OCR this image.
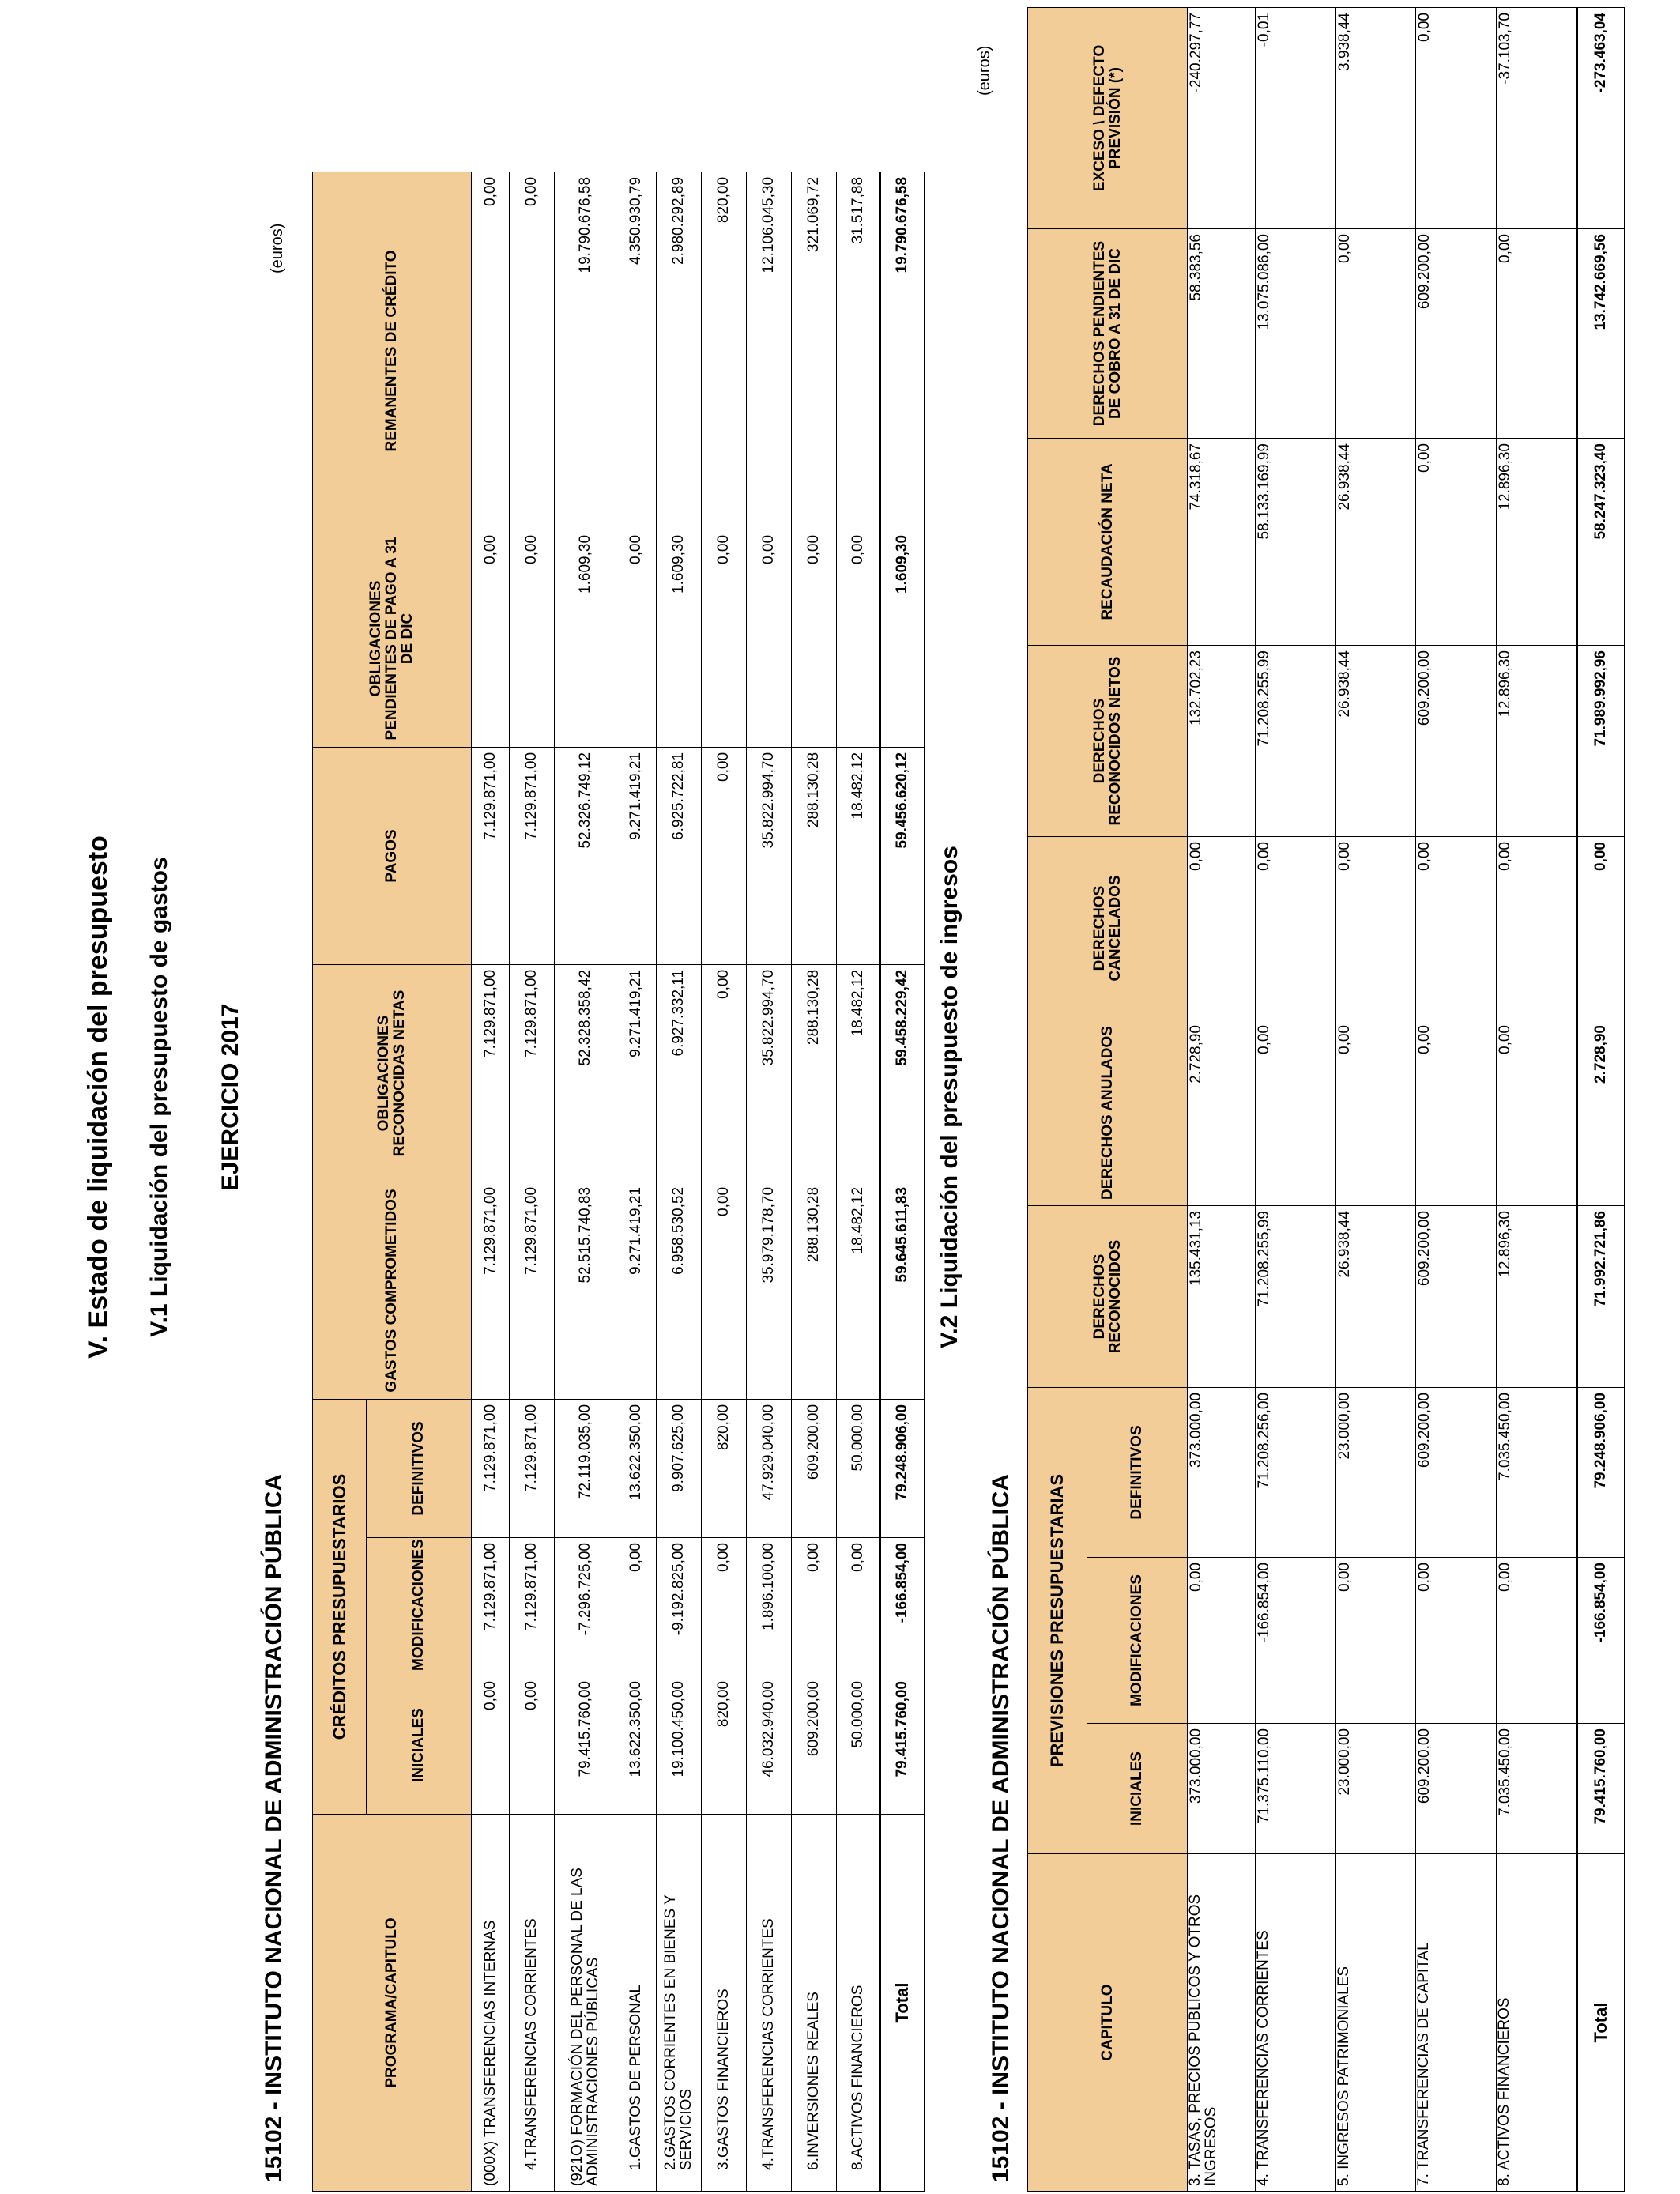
V. Estado de liquidación del presupuesto V.1 Liquidación del presupuesto de gastos EJERCICIO 2017
15102 - INSTITUTO NACIONAL DE ADMINISTRACIÓN PÚBLICA
(euros)
PROGRAMA/CAPITULO	CRÉDITOS PRESUPUESTARIOS			GASTOS COMPROMETIDOS	OBLIGACIONES RECONOCIDAS NETAS	PAGOS	OBLIGACIONES PENDIENTES DE PAGO A 31 DE DIC	REMANENTES DE CRÉDITO
	INICIALES	MODIFICACIONES	DEFINITIVOS					
(000X) TRANSFERENCIAS INTERNAS	0,00	7.129.871,00	7.129.871,00	7.129.871,00	7.129.871,00	7.129.871,00	0,00	0,00
4.TRANSFERENCIAS CORRIENTES	0,00	7.129.871,00	7.129.871,00	7.129.871,00	7.129.871,00	7.129.871,00	0,00	0,00
(921O) FORMACIÓN DEL PERSONAL DE LAS ADMINISTRACIONES PÚBLICAS	79.415.760,00	-7.296.725,00	72.119.035,00	52.515.740,83	52.328.358,42	52.326.749,12	1.609,30	19.790.676,58
1.GASTOS DE PERSONAL	13.622.350,00	0,00	13.622.350,00	9.271.419,21	9.271.419,21	9.271.419,21	0,00	4.350.930,79
2.GASTOS CORRIENTES EN BIENES Y SERVICIOS	19.100.450,00	-9.192.825,00	9.907.625,00	6.958.530,52	6.927.332,11	6.925.722,81	1.609,30	2.980.292,89
3.GASTOS FINANCIEROS	820,00	0,00	820,00	0,00	0,00	0,00	0,00	820,00
4.TRANSFERENCIAS CORRIENTES	46.032.940,00	1.896.100,00	47.929.040,00	35.979.178,70	35.822.994,70	35.822.994,70	0,00	12.106.045,30
6.INVERSIONES REALES	609.200,00	0,00	609.200,00	288.130,28	288.130,28	288.130,28	0,00	321.069,72
8.ACTIVOS FINANCIEROS	50.000,00	0,00	50.000,00	18.482,12	18.482,12	18.482,12	0,00	31.517,88
Total	79.415.760,00	-166.854,00	79.248.906,00	59.645.611,83	59.458.229,42	59.456.620,12	1.609,30	19.790.676,58
V.2 Liquidación del presupuesto de ingresos
15102 - INSTITUTO NACIONAL DE ADMINISTRACIÓN PÚBLICA
(euros)
CAPITULO	PREVISIONES PRESUPUESTARIAS			DERECHOS RECONOCIDOS	DERECHOS ANULADOS	DERECHOS CANCELADOS	DERECHOS RECONOCIDOS NETOS	RECAUDACIÓN NETA	DERECHOS PENDIENTES DE COBRO A 31 DE DIC	EXCESO \ DEFECTO PREVISIÓN (*)
	INICIALES	MODIFICACIONES	DEFINITIVOS							
3. TASAS, PRECIOS PUBLICOS Y OTROS INGRESOS	373.000,00	0,00	373.000,00	135.431,13	2.728,90	0,00	132.702,23	74.318,67	58.383,56	-240.297,77
4. TRANSFERENCIAS CORRIENTES	71.375.110,00	-166.854,00	71.208.256,00	71.208.255,99	0,00	0,00	71.208.255,99	58.133.169,99	13.075.086,00	-0,01
5. INGRESOS PATRIMONIALES	23.000,00	0,00	23.000,00	26.938,44	0,00	0,00	26.938,44	26.938,44	0,00	3.938,44
7. TRANSFERENCIAS DE CAPITAL	609.200,00	0,00	609.200,00	609.200,00	0,00	0,00	609.200,00	0,00	609.200,00	0,00
8. ACTIVOS FINANCIEROS	7.035.450,00	0,00	7.035.450,00	12.896,30	0,00	0,00	12.896,30	12.896,30	0,00	-37.103,70
Total	79.415.760,00	-166.854,00	79.248.906,00	71.992.721,86	2.728,90	0,00	71.989.992,96	58.247.323,40	13.742.669,56	-273.463,04
